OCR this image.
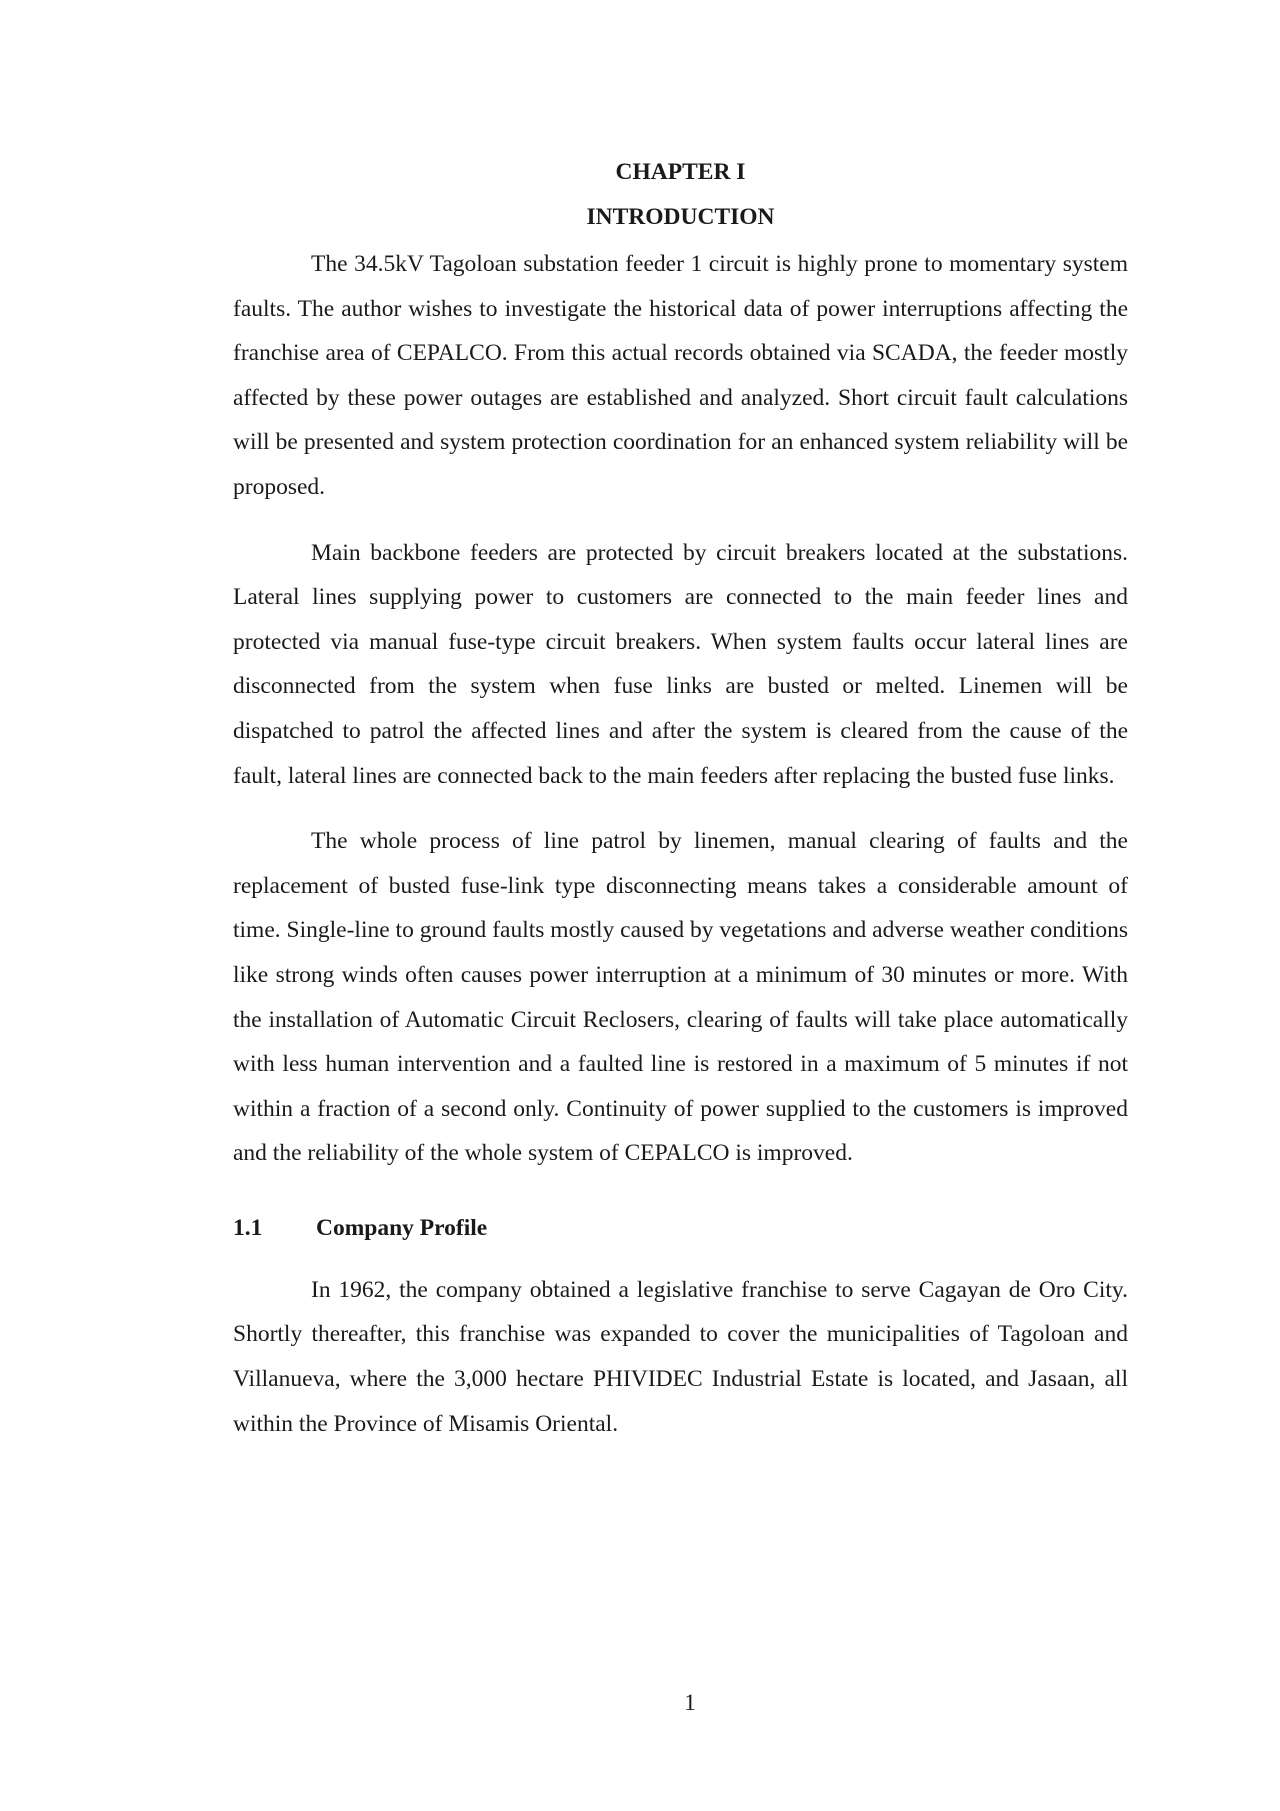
CHAPTER I

INTRODUCTION

The 34.5kV Tagoloan substation feeder 1 circuit is highly prone to momentary system faults. The author wishes to investigate the historical data of power interruptions affecting the franchise area of CEPALCO. From this actual records obtained via SCADA, the feeder mostly affected by these power outages are established and analyzed. Short circuit fault calculations will be presented and system protection coordination for an enhanced system reliability will be proposed.

Main backbone feeders are protected by circuit breakers located at the substations. Lateral lines supplying power to customers are connected to the main feeder lines and protected via manual fuse-type circuit breakers. When system faults occur lateral lines are disconnected from the system when fuse links are busted or melted. Linemen will be dispatched to patrol the affected lines and after the system is cleared from the cause of the fault, lateral lines are connected back to the main feeders after replacing the busted fuse links.

The whole process of line patrol by linemen, manual clearing of faults and the replacement of busted fuse-link type disconnecting means takes a considerable amount of time. Single-line to ground faults mostly caused by vegetations and adverse weather conditions like strong winds often causes power interruption at a minimum of 30 minutes or more. With the installation of Automatic Circuit Reclosers, clearing of faults will take place automatically with less human intervention and a faulted line is restored in a maximum of 5 minutes if not within a fraction of a second only. Continuity of power supplied to the customers is improved and the reliability of the whole system of CEPALCO is improved.

1.1	Company Profile

In 1962, the company obtained a legislative franchise to serve Cagayan de Oro City. Shortly thereafter, this franchise was expanded to cover the municipalities of Tagoloan and Villanueva, where the 3,000 hectare PHIVIDEC Industrial Estate is located, and Jasaan, all within the Province of Misamis Oriental.

1
